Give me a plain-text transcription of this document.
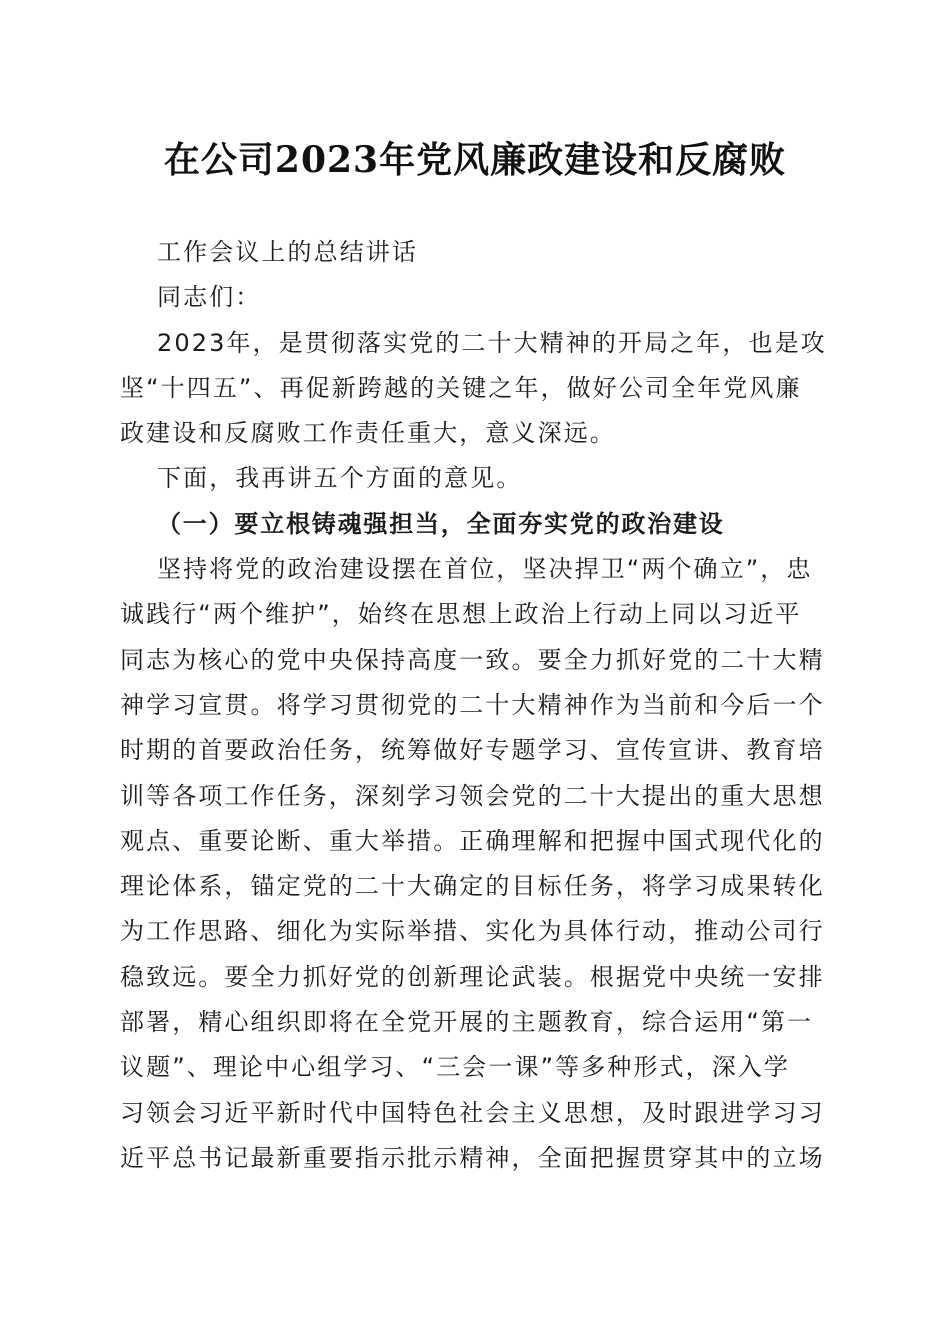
在公司2023年党风廉政建设和反腐败

工作会议上的总结讲话

同志们：

2023年，是贯彻落实党的二十大精神的开局之年，也是攻
坚“十四五”、再促新跨越的关键之年，做好公司全年党风廉
政建设和反腐败工作责任重大，意义深远。

下面，我再讲五个方面的意见。

（一）要立根铸魂强担当，全面夯实党的政治建设

坚持将党的政治建设摆在首位，坚决捍卫“两个确立”，忠
诚践行“两个维护”，始终在思想上政治上行动上同以习近平
同志为核心的党中央保持高度一致。要全力抓好党的二十大精
神学习宣贯。将学习贯彻党的二十大精神作为当前和今后一个
时期的首要政治任务，统筹做好专题学习、宣传宣讲、教育培
训等各项工作任务，深刻学习领会党的二十大提出的重大思想
观点、重要论断、重大举措。正确理解和把握中国式现代化的
理论体系，锚定党的二十大确定的目标任务，将学习成果转化
为工作思路、细化为实际举措、实化为具体行动，推动公司行
稳致远。要全力抓好党的创新理论武装。根据党中央统一安排
部署，精心组织即将在全党开展的主题教育，综合运用“第一
议题”、理论中心组学习、“三会一课”等多种形式，深入学
习领会习近平新时代中国特色社会主义思想，及时跟进学习习
近平总书记最新重要指示批示精神，全面把握贯穿其中的立场
